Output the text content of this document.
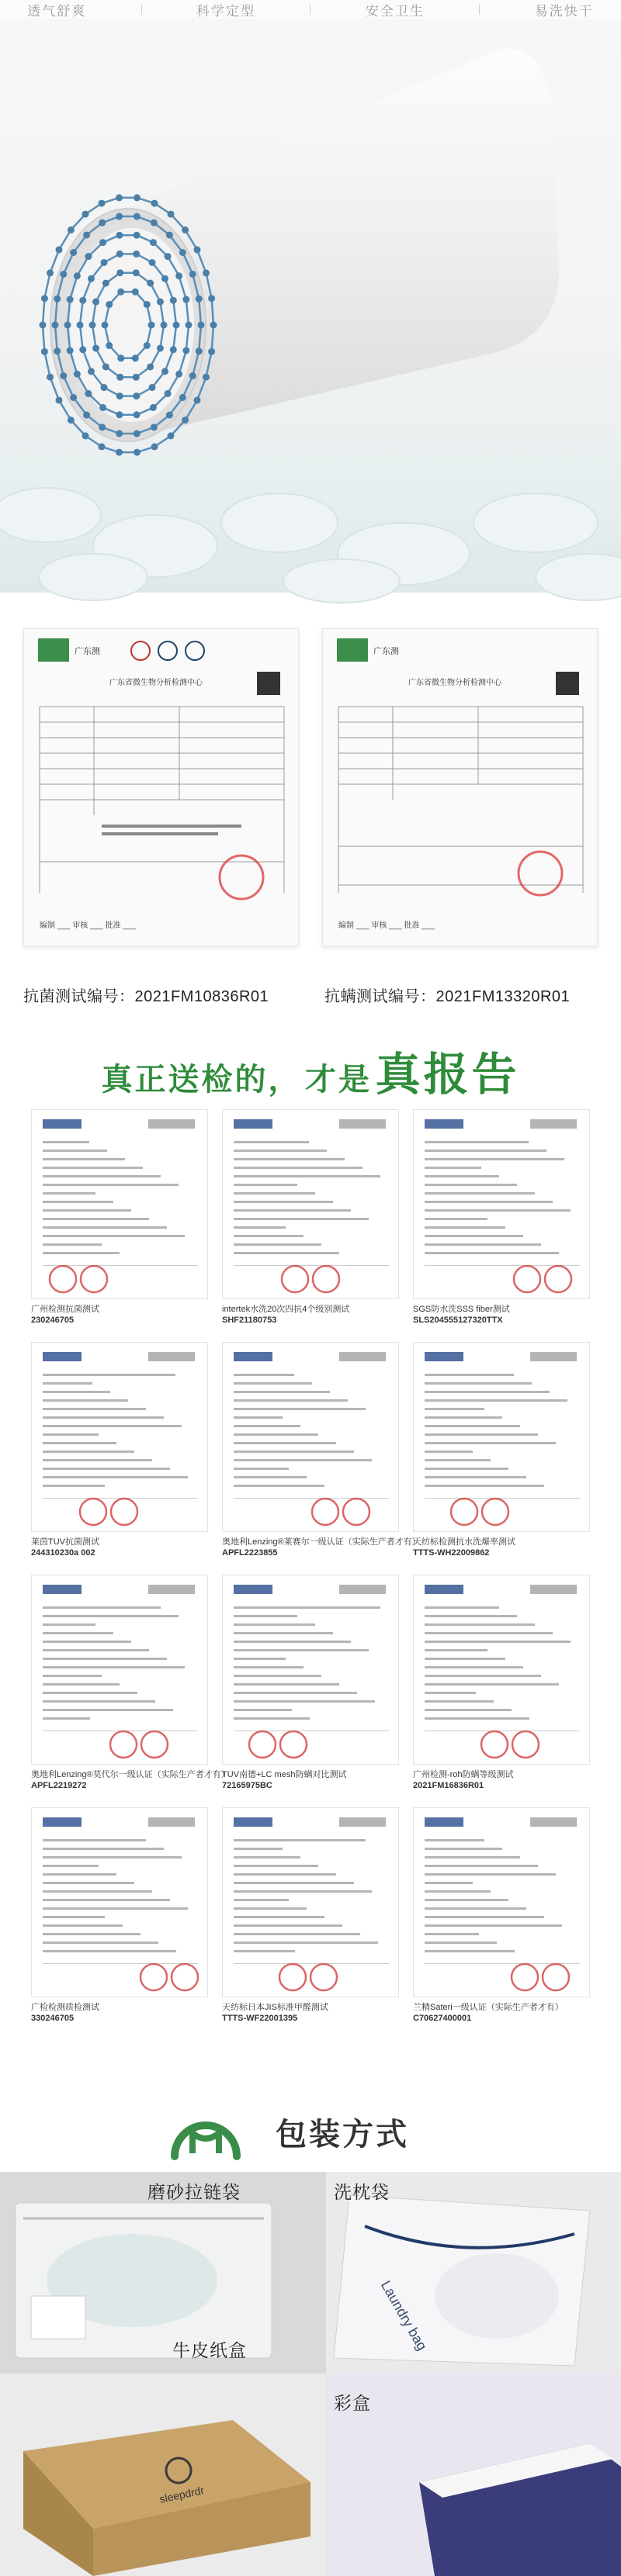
透气舒爽	科学定型	安全卫生	易洗快干
广东测
编制 ___ 审核 ___ 批准 ___
广东省微生物分析检测中心
广东测
编制 ___ 审核 ___ 批准 ___
广东省微生物分析检测中心
抗菌测试编号：2021FM10836R01	抗螨测试编号：2021FM13320R01
真正送检的， 才是 真报告
广州检测抗菌测试
230246705
intertek水洗20次四抗4个级别测试
SHF21180753
SGS防水洗SSS fiber测试
SLS204555127320TTX
莱茵TUV抗菌测试
244310230a 002
奥地利Lenzing®莱赛尔一级认证（实际生产者才有）
APFL2223855
天纺标检测抗水洗爆率测试
TTTS-WH22009862
奥地利Lenzing®莫代尔一级认证（实际生产者才有）
APFL2219272
TUV南德+LC mesh防螨对比测试
72165975BC
广州检测-roh防螨等级测试
2021FM16836R01
广检检测质检测试
330246705
天纺标日本JIS标准甲醛测试
TTTS-WF22001395
兰精Sateri一级认证（实际生产者才有）
C70627400001
包装方式
Laundry bag
sleepdrdr
磨砂拉链袋	洗枕袋
牛皮纸盒
彩盒
